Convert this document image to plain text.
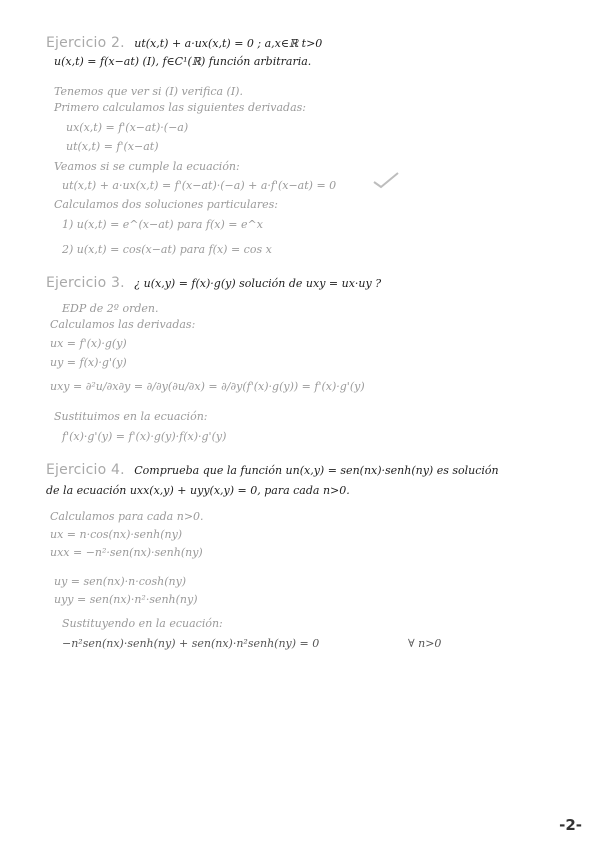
Ejercicio 2. ut(x,t) + a·ux(x,t) = 0 ; a,x∈ℝ t>0
u(x,t) = f(x−at) (I), f∈C¹(ℝ) función arbitraria.
Tenemos que ver si (I) verifica (I).
Primero calculamos las siguientes derivadas:
ux(x,t) = f'(x−at)·(−a)
ut(x,t) = f'(x−at)
Veamos si se cumple la ecuación:
ut(x,t) + a·ux(x,t) = f'(x−at)·(−a) + a·f'(x−at) = 0
Calculamos dos soluciones particulares:
1) u(x,t) = e^(x−at) para f(x) = e^x
2) u(x,t) = cos(x−at) para f(x) = cos x
Ejercicio 3. ¿ u(x,y) = f(x)·g(y) solución de uxy = ux·uy ?
EDP de 2º orden.
Calculamos las derivadas:
ux = f'(x)·g(y)
uy = f(x)·g'(y)
uxy = ∂²u/∂x∂y = ∂/∂y(∂u/∂x) = ∂/∂y(f'(x)·g(y)) = f'(x)·g'(y)
Sustituimos en la ecuación:
f'(x)·g'(y) = f'(x)·g(y)·f(x)·g'(y)
Ejercicio 4. Comprueba que la función un(x,y) = sen(nx)·senh(ny) es solución
de la ecuación uxx(x,y) + uyy(x,y) = 0, para cada n>0.
Calculamos para cada n>0.
ux = n·cos(nx)·senh(ny)
uxx = −n²·sen(nx)·senh(ny)
uy = sen(nx)·n·cosh(ny)
uyy = sen(nx)·n²·senh(ny)
Sustituyendo en la ecuación:
−n²sen(nx)·senh(ny) + sen(nx)·n²senh(ny) = 0	∀ n>0
-2-
